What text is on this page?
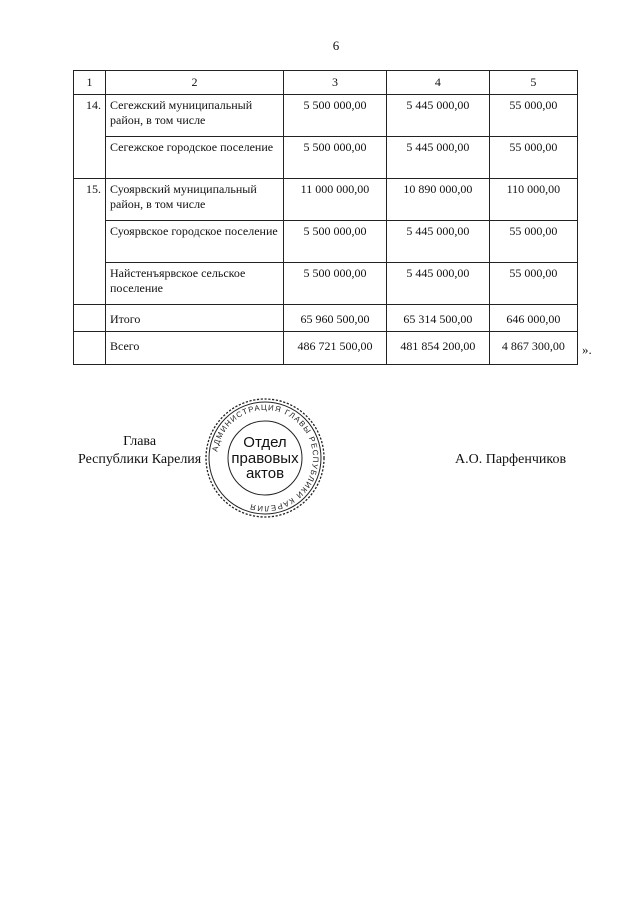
6
1	2	3	4	5
14.	Сегежский муниципальный район, в том числе	5 500 000,00	5 445 000,00	55 000,00
	Сегежское городское поселение	5 500 000,00	5 445 000,00	55 000,00
15.	Суоярвский муниципальный район, в том числе	11 000 000,00	10 890 000,00	110 000,00
	Суоярвское городское поселение	5 500 000,00	5 445 000,00	55 000,00
	Найстенъярвское сельское поселение	5 500 000,00	5 445 000,00	55 000,00
	Итого	65 960 500,00	65 314 500,00	646 000,00
	Всего	486 721 500,00	481 854 200,00	4 867 300,00 ».
Глава
Республики Карелия	А.О. Парфенчиков
АДМИНИСТРАЦИЯ ГЛАВЫ РЕСПУБЛИКИ КАРЕЛИЯ
Отдел
правовых
актов
